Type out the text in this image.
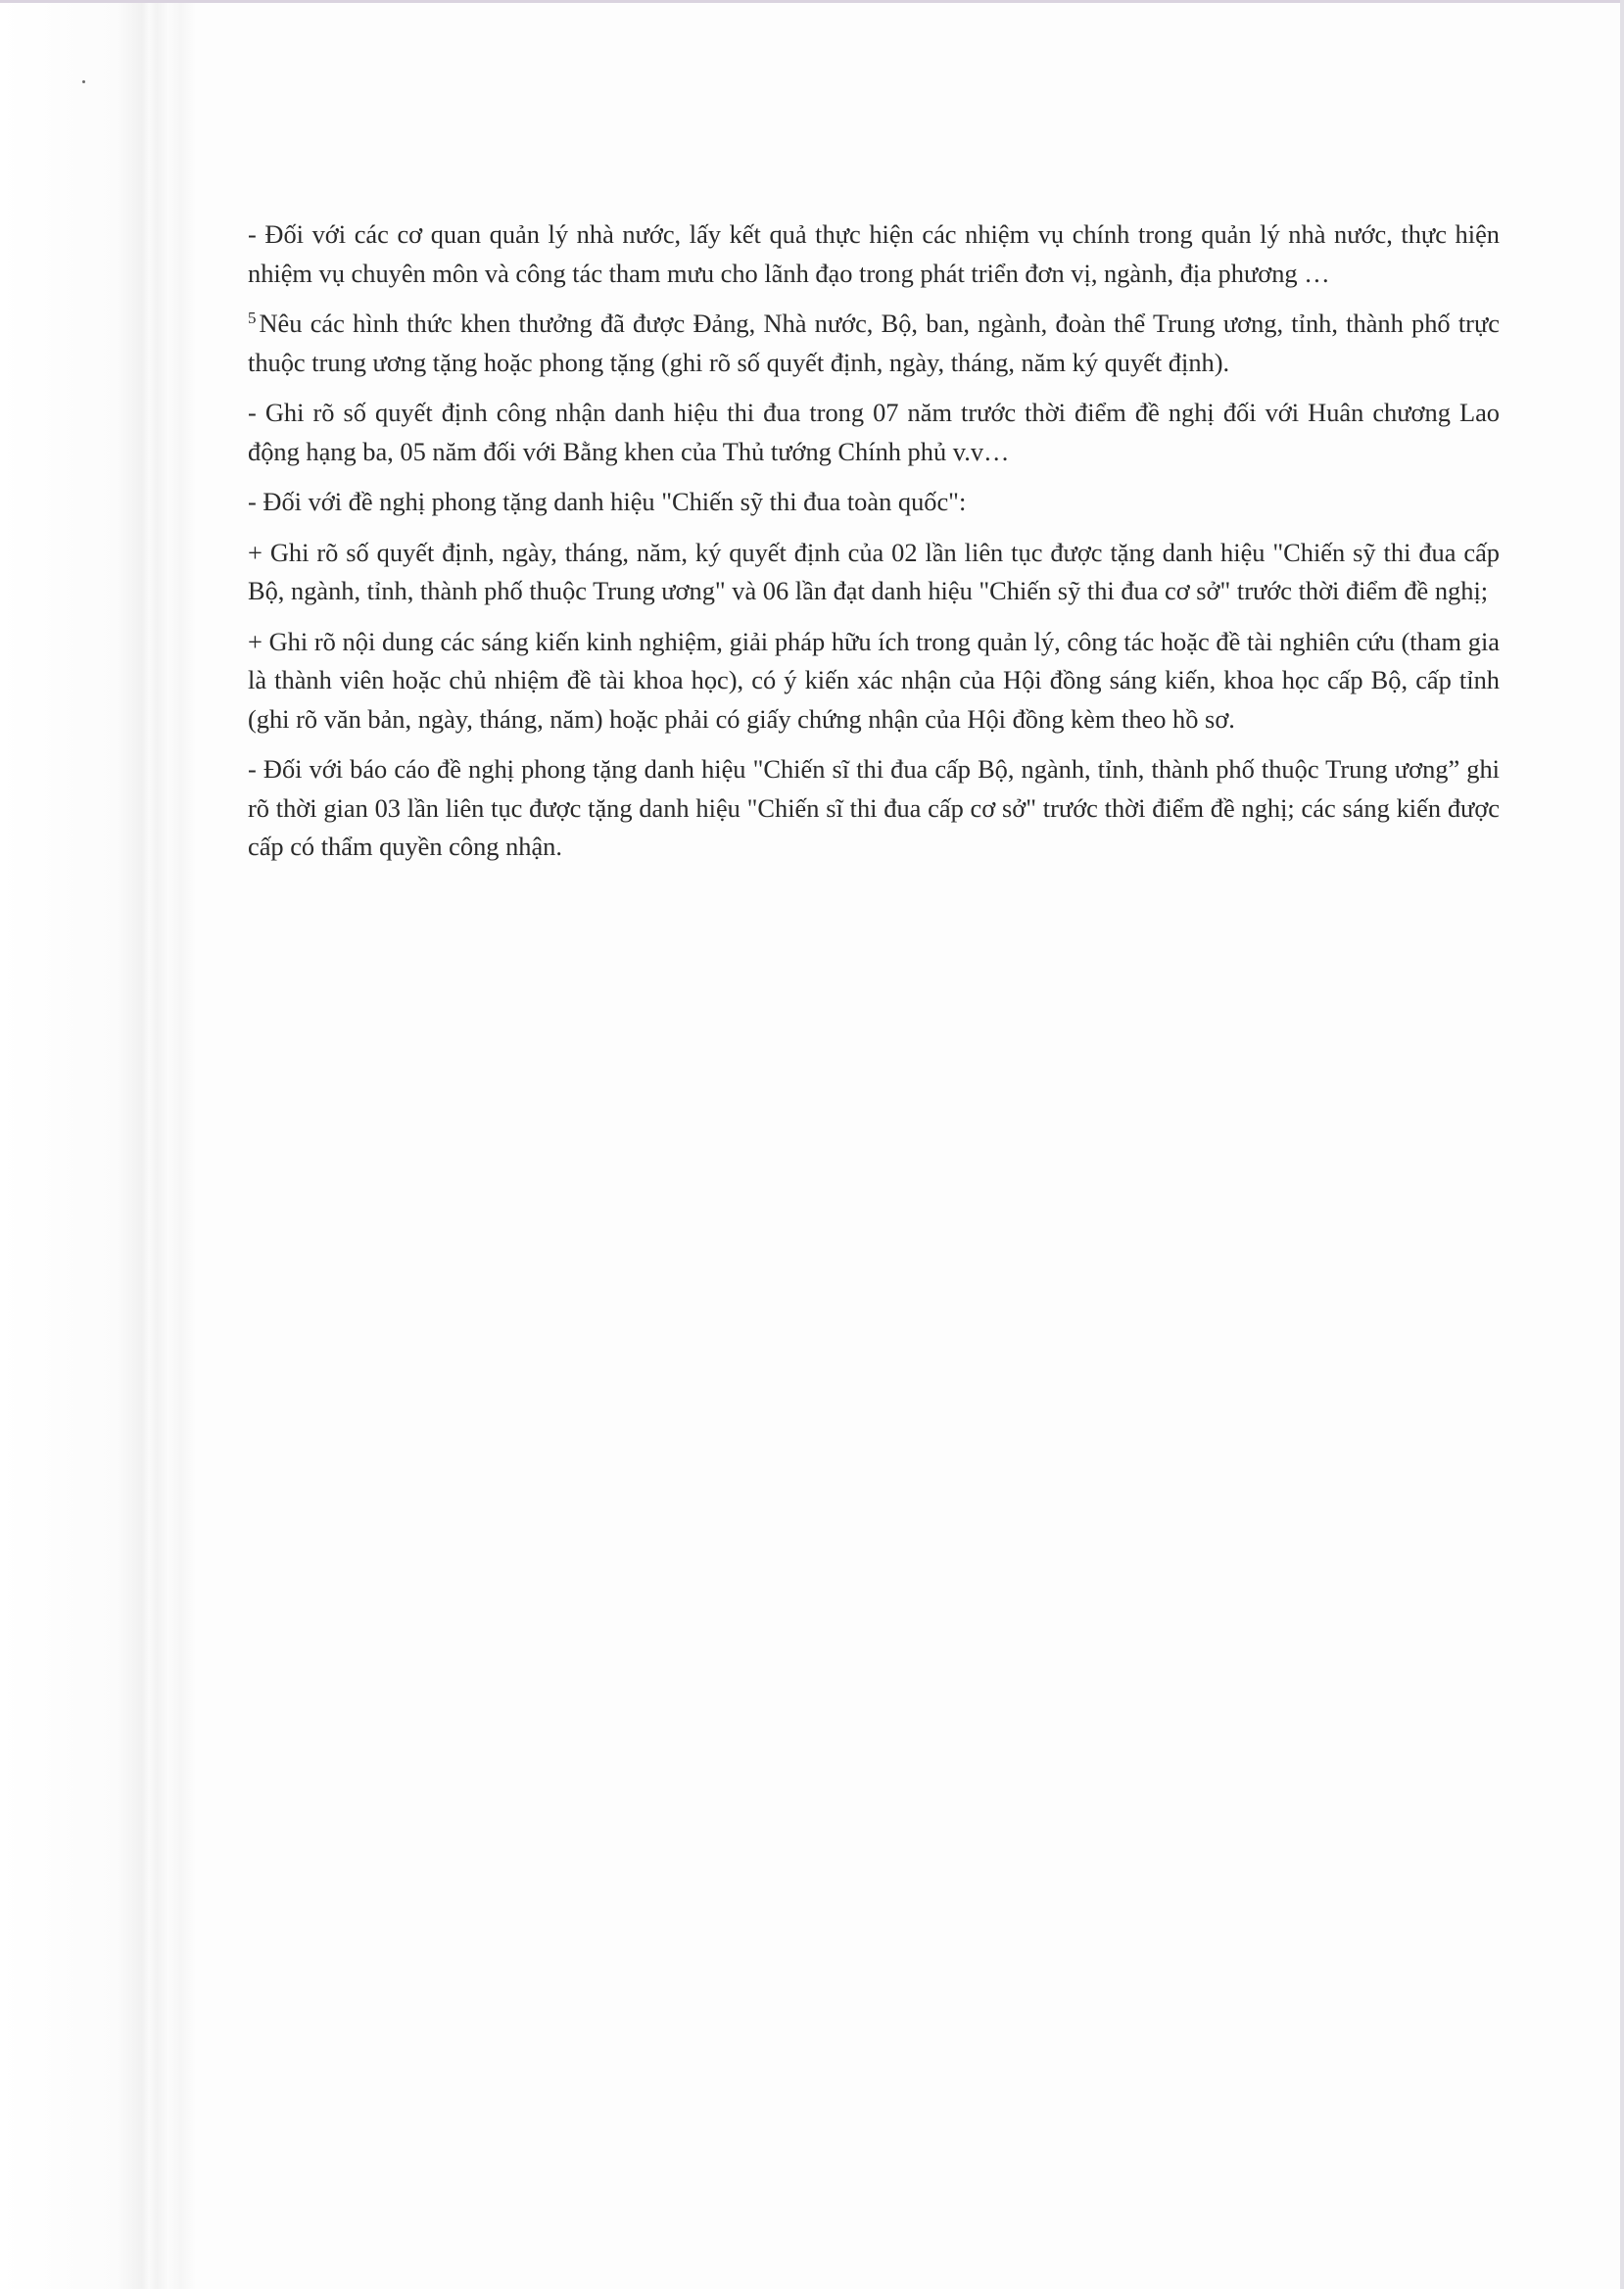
- Đối với các cơ quan quản lý nhà nước, lấy kết quả thực hiện các nhiệm vụ chính trong quản lý nhà nước, thực hiện nhiệm vụ chuyên môn và công tác tham mưu cho lãnh đạo trong phát triển đơn vị, ngành, địa phương …

$^5$ Nêu các hình thức khen thưởng đã được Đảng, Nhà nước, Bộ, ban, ngành, đoàn thể Trung ương, tỉnh, thành phố trực thuộc trung ương tặng hoặc phong tặng (ghi rõ số quyết định, ngày, tháng, năm ký quyết định).

- Ghi rõ số quyết định công nhận danh hiệu thi đua trong 07 năm trước thời điểm đề nghị đối với Huân chương Lao động hạng ba, 05 năm đối với Bằng khen của Thủ tướng Chính phủ v.v…

- Đối với đề nghị phong tặng danh hiệu "Chiến sỹ thi đua toàn quốc":

+ Ghi rõ số quyết định, ngày, tháng, năm, ký quyết định của 02 lần liên tục được tặng danh hiệu "Chiến sỹ thi đua cấp Bộ, ngành, tỉnh, thành phố thuộc Trung ương" và 06 lần đạt danh hiệu "Chiến sỹ thi đua cơ sở" trước thời điểm đề nghị;

+ Ghi rõ nội dung các sáng kiến kinh nghiệm, giải pháp hữu ích trong quản lý, công tác hoặc đề tài nghiên cứu (tham gia là thành viên hoặc chủ nhiệm đề tài khoa học), có ý kiến xác nhận của Hội đồng sáng kiến, khoa học cấp Bộ, cấp tỉnh (ghi rõ văn bản, ngày, tháng, năm) hoặc phải có giấy chứng nhận của Hội đồng kèm theo hồ sơ.

- Đối với báo cáo đề nghị phong tặng danh hiệu "Chiến sĩ thi đua cấp Bộ, ngành, tỉnh, thành phố thuộc Trung ương” ghi rõ thời gian 03 lần liên tục được tặng danh hiệu "Chiến sĩ thi đua cấp cơ sở" trước thời điểm đề nghị; các sáng kiến được cấp có thẩm quyền công nhận.
